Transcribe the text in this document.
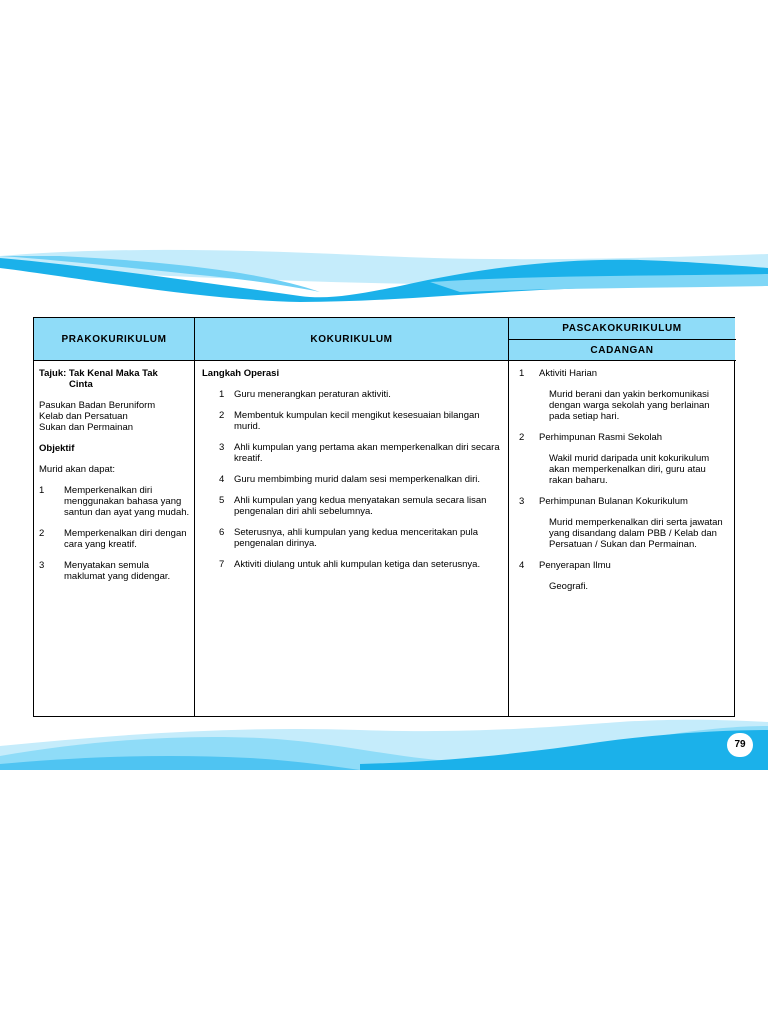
PRAKOKURIKULUM	KOKURIKULUM
PASCAKOKURIKULUM
CADANGAN
Tajuk: Tak Kenal Maka Tak
Cinta
Pasukan Badan Beruniform
Kelab dan Persatuan
Sukan dan Permainan
Objektif
Murid akan dapat:
1	Memperkenalkan diri menggunakan bahasa yang santun dan ayat yang mudah.
2	Memperkenalkan diri dengan cara yang kreatif.
3	Menyatakan semula maklumat yang didengar.
Langkah Operasi
1	Guru menerangkan peraturan aktiviti.
2	Membentuk kumpulan kecil mengikut kesesuaian bilangan murid.
3	Ahli kumpulan yang pertama akan memperkenalkan diri secara kreatif.
4	Guru membimbing murid dalam sesi memperkenalkan diri.
5	Ahli kumpulan yang kedua menyatakan semula secara lisan pengenalan diri ahli sebelumnya.
6	Seterusnya, ahli kumpulan yang kedua menceritakan pula pengenalan dirinya.
7	Aktiviti diulang untuk ahli kumpulan ketiga dan seterusnya.
1	Aktiviti Harian
Murid berani dan yakin berkomunikasi dengan warga sekolah yang berlainan pada setiap hari.
2	Perhimpunan Rasmi Sekolah
Wakil murid daripada unit kokurikulum akan memperkenalkan diri, guru atau rakan baharu.
3	Perhimpunan Bulanan Kokurikulum
Murid memperkenalkan diri serta jawatan yang disandang dalam PBB / Kelab dan Persatuan / Sukan dan Permainan.
4	Penyerapan Ilmu
Geografi.
79
